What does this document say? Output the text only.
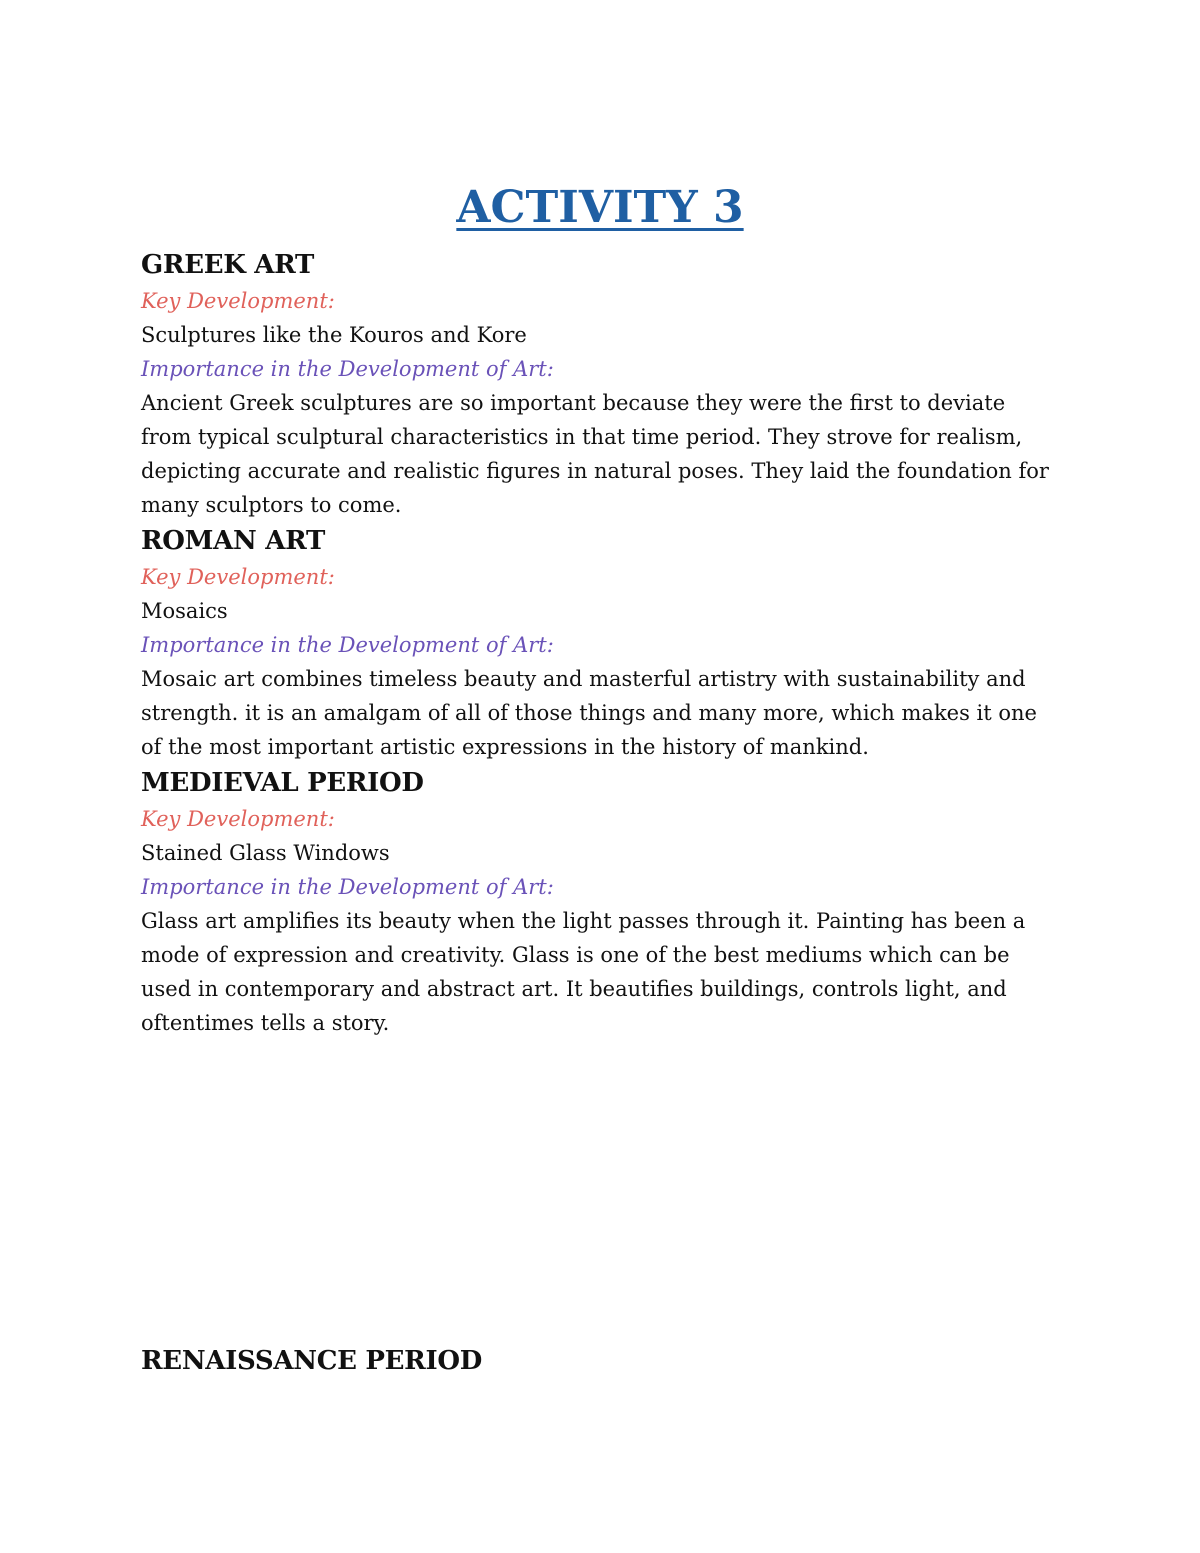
ACTIVITY 3
GREEK ART
Key Development:
Sculptures like the Kouros and Kore
Importance in the Development of Art:
Ancient Greek sculptures are so important because they were the first to deviate from typical sculptural characteristics in that time period. They strove for realism, depicting accurate and realistic figures in natural poses. They laid the foundation for many sculptors to come.
ROMAN ART
Key Development:
Mosaics
Importance in the Development of Art:
Mosaic art combines timeless beauty and masterful artistry with sustainability and strength. it is an amalgam of all of those things and many more, which makes it one of the most important artistic expressions in the history of mankind.
MEDIEVAL PERIOD
Key Development:
Stained Glass Windows
Importance in the Development of Art:
Glass art amplifies its beauty when the light passes through it. Painting has been a mode of expression and creativity. Glass is one of the best mediums which can be used in contemporary and abstract art. It beautifies buildings, controls light, and oftentimes tells a story.
RENAISSANCE PERIOD
